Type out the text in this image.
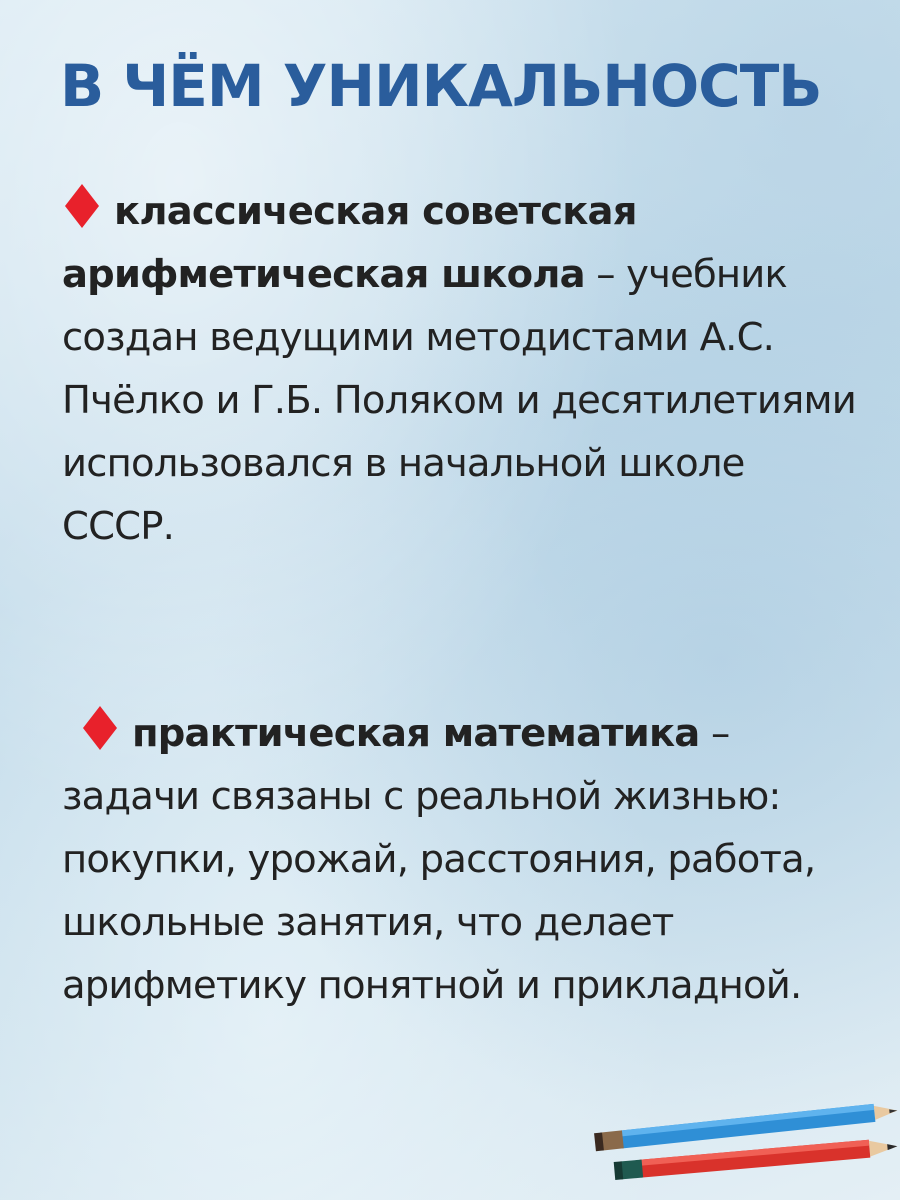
В ЧЁМ УНИКАЛЬНОСТЬ

классическая советская арифметическая школа – учебник создан ведущими методистами А.С. Пчёлко и Г.Б. Поляком и десятилетиями использовался в начальной школе СССР.

практическая математика – задачи связаны с реальной жизнью: покупки, урожай, расстояния, работа, школьные занятия, что делает арифметику понятной и прикладной.
